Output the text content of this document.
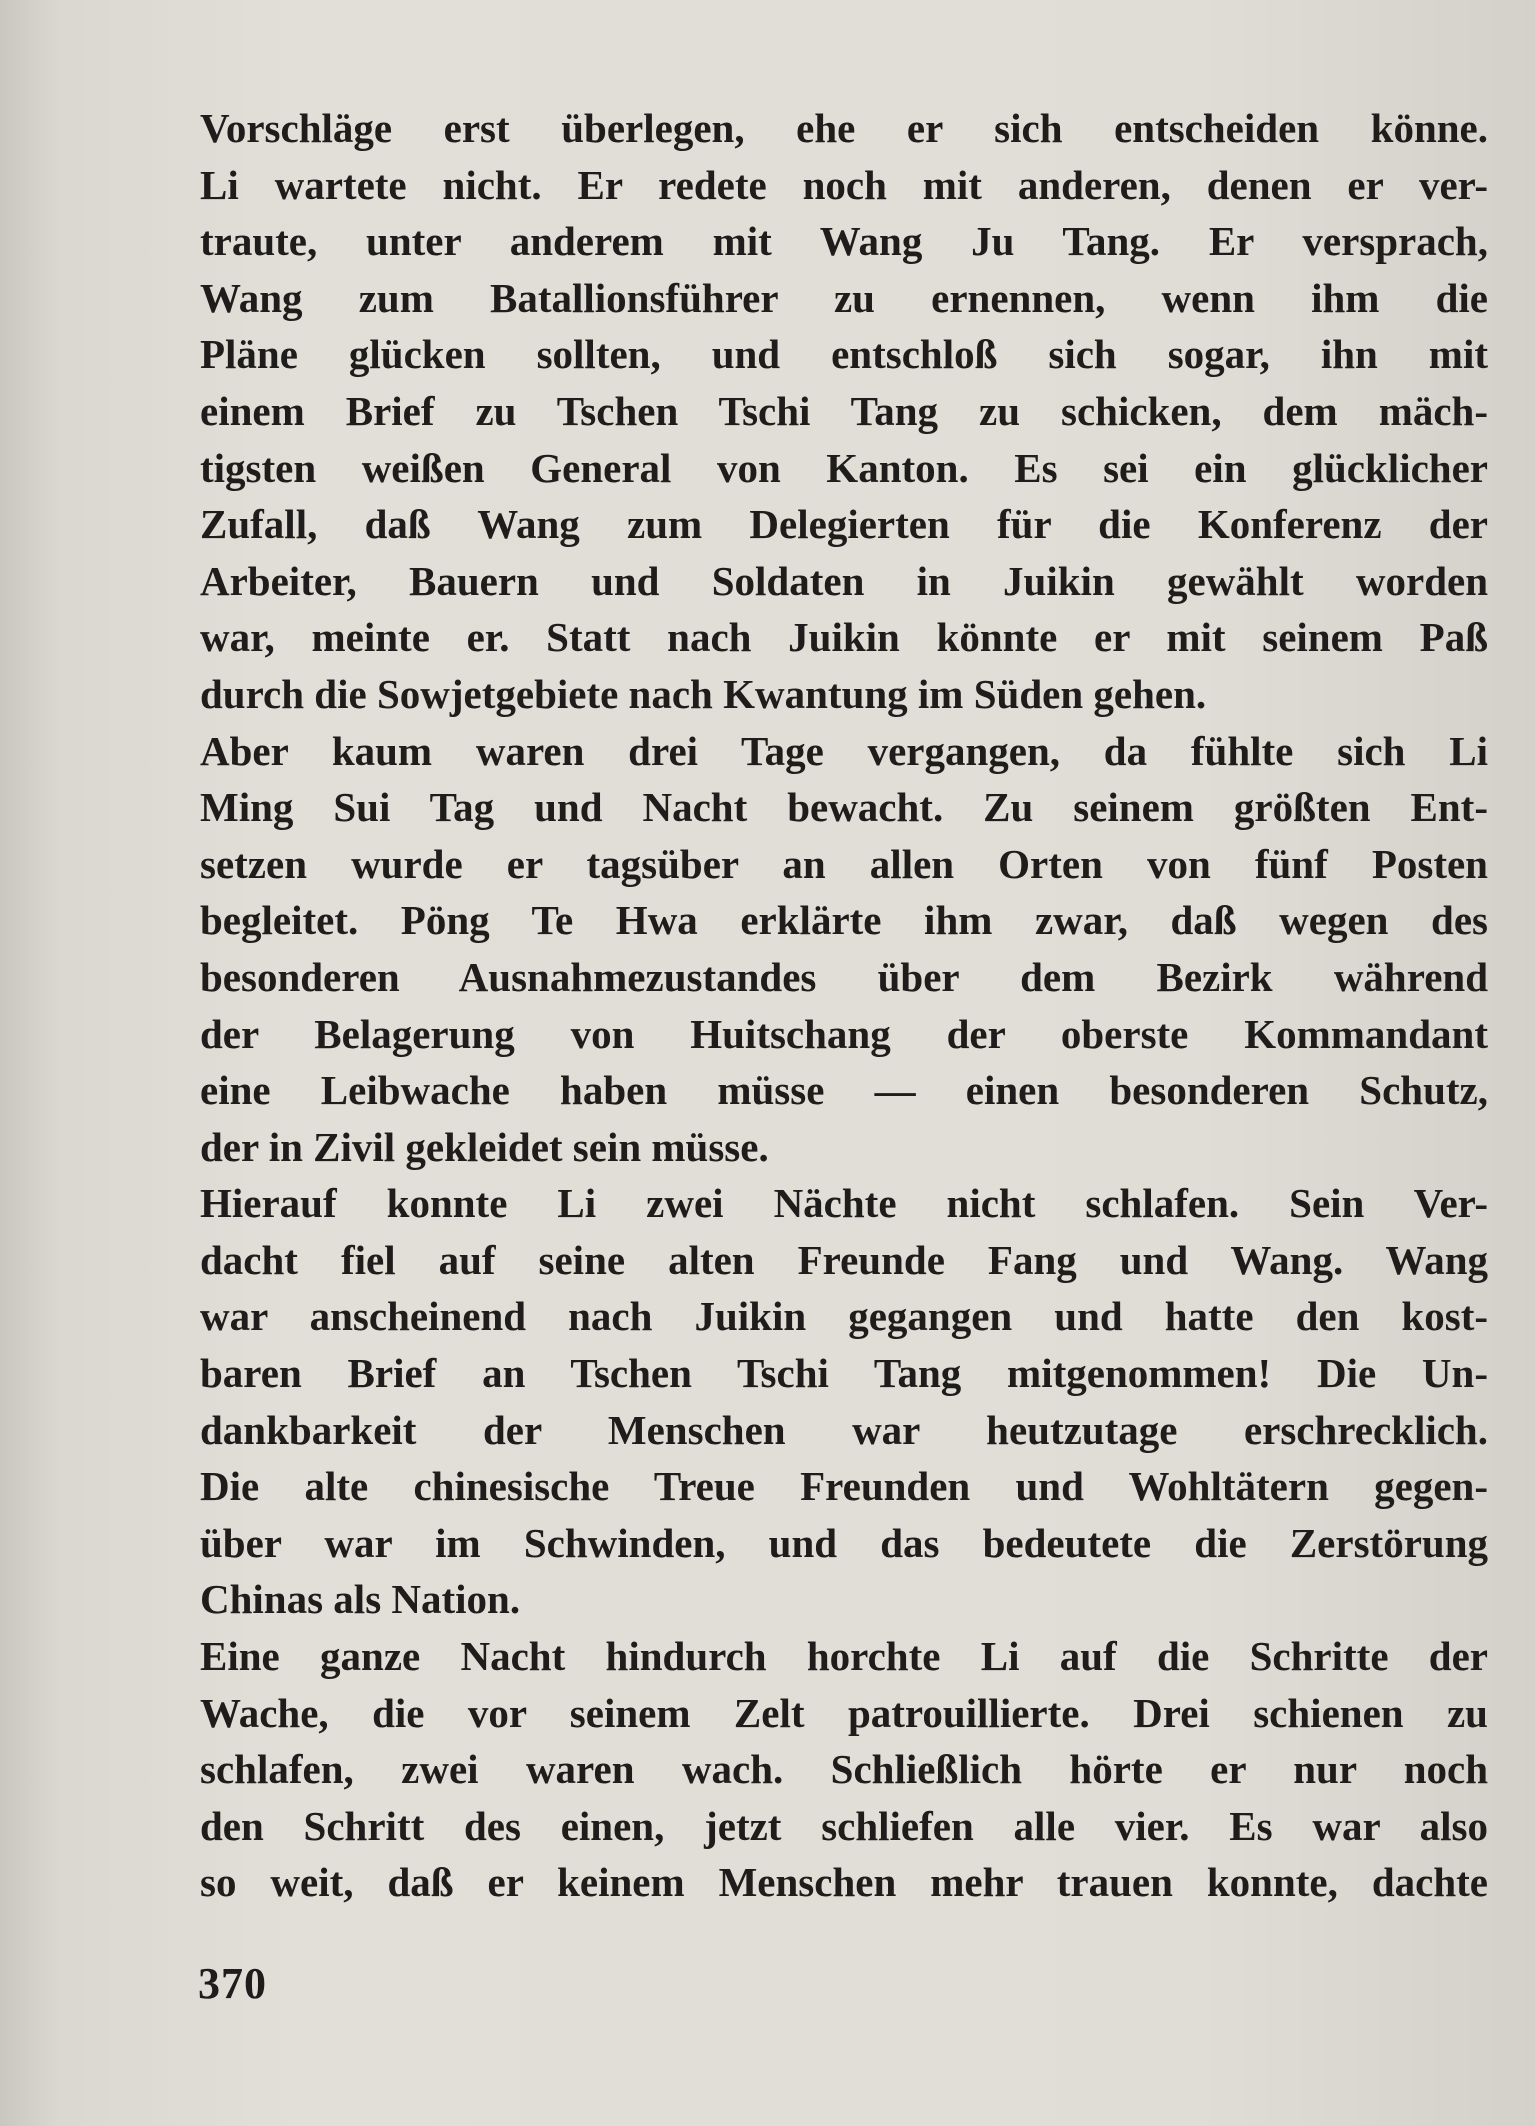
Vorschläge erst überlegen, ehe er sich entscheiden könne.
Li wartete nicht. Er redete noch mit anderen, denen er ver-
traute, unter anderem mit Wang Ju Tang. Er versprach,
Wang zum Batallionsführer zu ernennen, wenn ihm die
Pläne glücken sollten, und entschloß sich sogar, ihn mit
einem Brief zu Tschen Tschi Tang zu schicken, dem mäch-
tigsten weißen General von Kanton. Es sei ein glücklicher
Zufall, daß Wang zum Delegierten für die Konferenz der
Arbeiter, Bauern und Soldaten in Juikin gewählt worden
war, meinte er. Statt nach Juikin könnte er mit seinem Paß
durch die Sowjetgebiete nach Kwantung im Süden gehen.
Aber kaum waren drei Tage vergangen, da fühlte sich Li
Ming Sui Tag und Nacht bewacht. Zu seinem größten Ent-
setzen wurde er tagsüber an allen Orten von fünf Posten
begleitet. Pöng Te Hwa erklärte ihm zwar, daß wegen des
besonderen Ausnahmezustandes über dem Bezirk während
der Belagerung von Huitschang der oberste Kommandant
eine Leibwache haben müsse — einen besonderen Schutz,
der in Zivil gekleidet sein müsse.
Hierauf konnte Li zwei Nächte nicht schlafen. Sein Ver-
dacht fiel auf seine alten Freunde Fang und Wang. Wang
war anscheinend nach Juikin gegangen und hatte den kost-
baren Brief an Tschen Tschi Tang mitgenommen! Die Un-
dankbarkeit der Menschen war heutzutage erschrecklich.
Die alte chinesische Treue Freunden und Wohltätern gegen-
über war im Schwinden, und das bedeutete die Zerstörung
Chinas als Nation.
Eine ganze Nacht hindurch horchte Li auf die Schritte der
Wache, die vor seinem Zelt patrouillierte. Drei schienen zu
schlafen, zwei waren wach. Schließlich hörte er nur noch
den Schritt des einen, jetzt schliefen alle vier. Es war also
so weit, daß er keinem Menschen mehr trauen konnte, dachte
370
